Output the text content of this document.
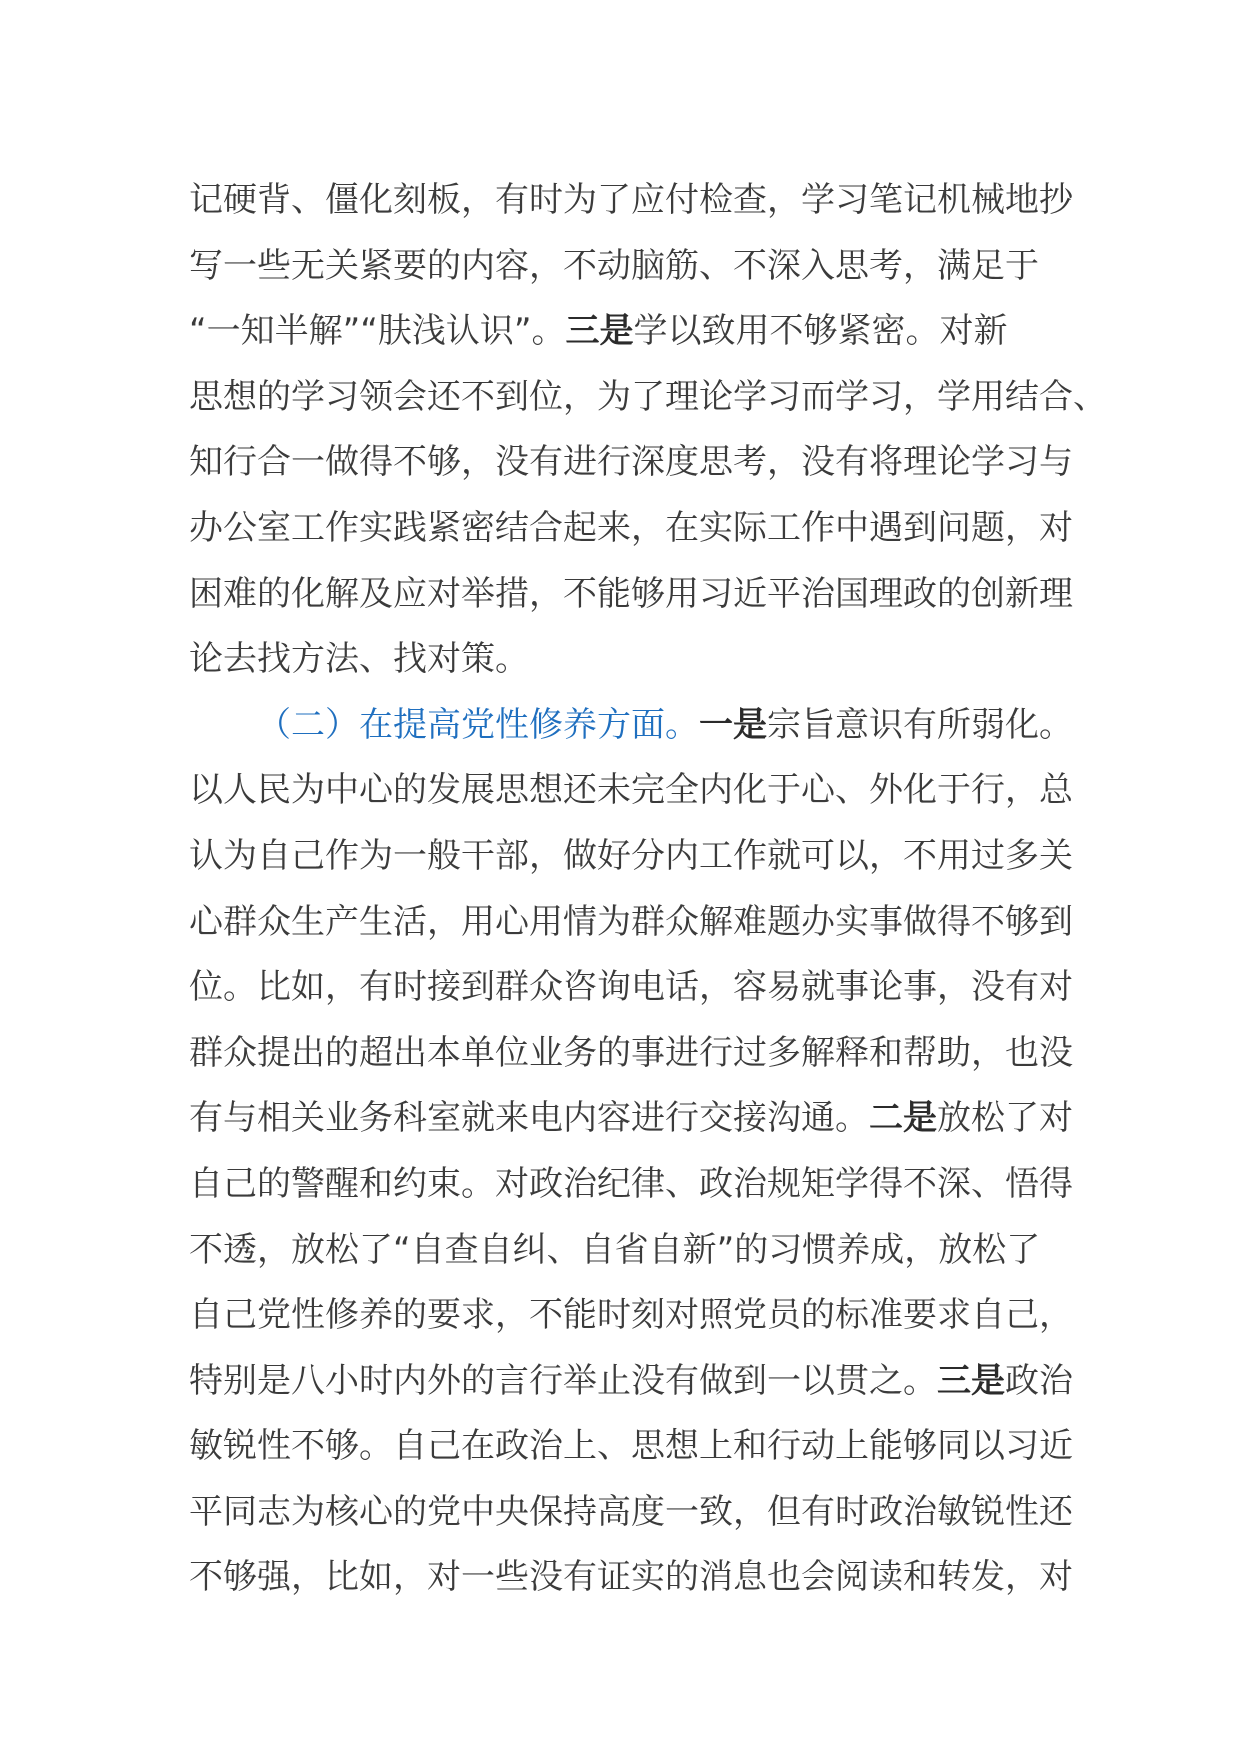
记硬背、僵化刻板，有时为了应付检查，学习笔记机械地抄
写一些无关紧要的内容，不动脑筋、不深入思考，满足于
“一知半解”“肤浅认识”。三是学以致用不够紧密。对新
思想的学习领会还不到位，为了理论学习而学习，学用结合、
知行合一做得不够，没有进行深度思考，没有将理论学习与
办公室工作实践紧密结合起来，在实际工作中遇到问题，对
困难的化解及应对举措，不能够用习近平治国理政的创新理
论去找方法、找对策。
（二）在提高党性修养方面。一是宗旨意识有所弱化。
以人民为中心的发展思想还未完全内化于心、外化于行，总
认为自己作为一般干部，做好分内工作就可以，不用过多关
心群众生产生活，用心用情为群众解难题办实事做得不够到
位。比如，有时接到群众咨询电话，容易就事论事，没有对
群众提出的超出本单位业务的事进行过多解释和帮助，也没
有与相关业务科室就来电内容进行交接沟通。二是放松了对
自己的警醒和约束。对政治纪律、政治规矩学得不深、悟得
不透，放松了“自查自纠、自省自新”的习惯养成，放松了
自己党性修养的要求，不能时刻对照党员的标准要求自己，
特别是八小时内外的言行举止没有做到一以贯之。三是政治
敏锐性不够。自己在政治上、思想上和行动上能够同以习近
平同志为核心的党中央保持高度一致，但有时政治敏锐性还
不够强，比如，对一些没有证实的消息也会阅读和转发，对
